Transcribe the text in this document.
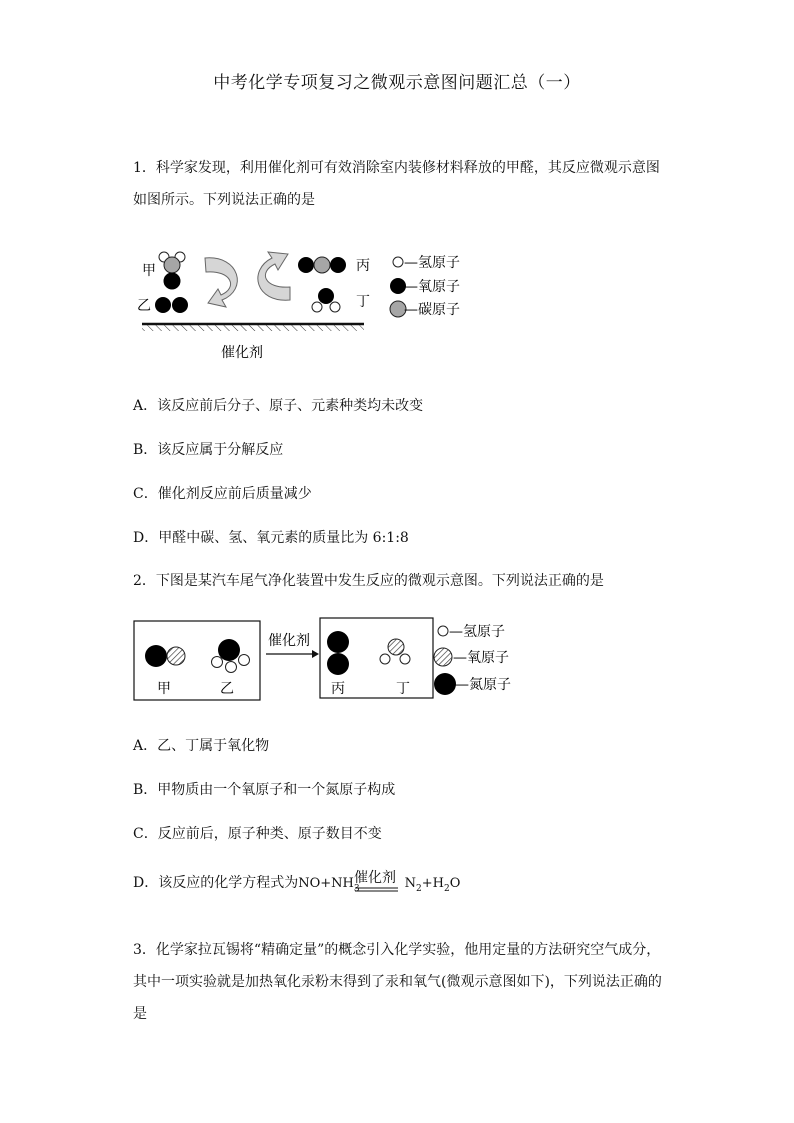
中考化学专项复习之微观示意图问题汇总（一）
1．科学家发现，利用催化剂可有效消除室内装修材料释放的甲醛，其反应微观示意图
如图所示。下列说法正确的是
甲
乙
丙
丁
催化剂
—氢原子
—氧原子
—碳原子
甲	乙
催化剂
丙	丁
—氢原子
—氧原子
—氮原子
A．该反应前后分子、原子、元素种类均未改变
B．该反应属于分解反应
C．催化剂反应前后质量减少
D．甲醛中碳、氢、氧元素的质量比为 6:1:8
2．下图是某汽车尾气净化装置中发生反应的微观示意图。下列说法正确的是
A．乙、丁属于氧化物
B．甲物质由一个氧原子和一个氮原子构成
C．反应前后，原子种类、原子数目不变
催化剂
D．该反应的化学方程式为$NO+NH_3$	$N_2+H_2O$
3．化学家拉瓦锡将“精确定量”的概念引入化学实验，他用定量的方法研究空气成分，
其中一项实验就是加热氧化汞粉末得到了汞和氧气(微观示意图如下)，下列说法正确的
是
